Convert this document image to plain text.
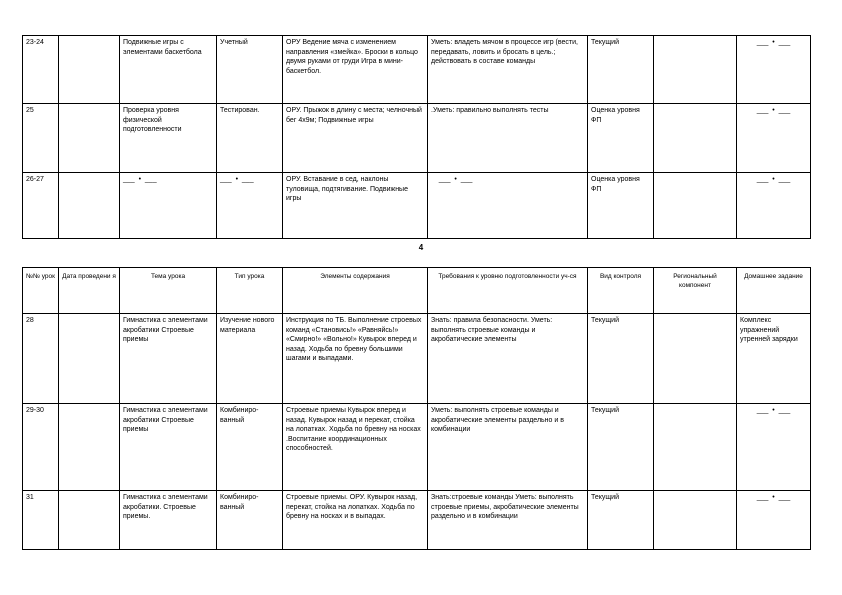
23-24		Подвижные игры с элементами баскетбола	Учетный	ОРУ Ведение мяча с изменением направления «змейка». Броски в кольцо двумя руками от груди Игра в мини-баскетбол.	Уметь: владеть мячом в процессе игр (вести, передавать, ловить и бросать в цель.; действовать в составе команды	Текущий		___  •  ___
25		Проверка уровня физической подготовленности	Тестирован.	ОРУ. Прыжок в длину с места; челночный бег 4х9м; Подвижные игры	.Уметь: правильно выполнять тесты	Оценка уровня ФП		___  •  ___
26-27		___  •  ___	___  •  ___	ОРУ. Вставание в сед, наклоны туловища, подтягивание. Подвижные игры	___  •  ___	Оценка уровня ФП		___  •  ___
4
№№ урок	Дата проведени я	Тема урока	Тип урока	Элементы содержания	Требования к уровню подготовленности уч-ся	Вид контроля	Региональный компонент	Домашнее задание
28		Гимнастика с элементами акробатики Строевые приемы	Изучение нового материала	Инструкция по ТБ. Выполнение строевых команд «Становись!» «Равняйсь!» «Смирно!» «Вольно!» Кувырок вперед и назад. Ходьба по бревну большими шагами и выпадами.	Знать: правила безопасности. Уметь: выполнять строевые команды и акробатические элементы	Текущий		Комплекс упражнений утренней зарядки
29-30		Гимнастика с элементами акробатики Строевые приемы	Комбиниро-ванный	Строевые приемы Кувырок вперед и назад. Кувырок назад и перекат, стойка на лопатках. Ходьба по бревну на носках .Воспитание координационных способностей.	Уметь: выполнять строевые команды и акробатические элементы раздельно и в комбинации	Текущий		___  •  ___
31		Гимнастика с элементами акробатики. Строевые приемы.	Комбиниро-ванный	Строевые приемы. ОРУ. Кувырок назад, перекат, стойка на лопатках. Ходьба по бревну на носках и в выпадах.	Знать:строевые команды Уметь: выполнять строевые приемы, акробатические элементы раздельно и в комбинации	Текущий		___  •  ___
